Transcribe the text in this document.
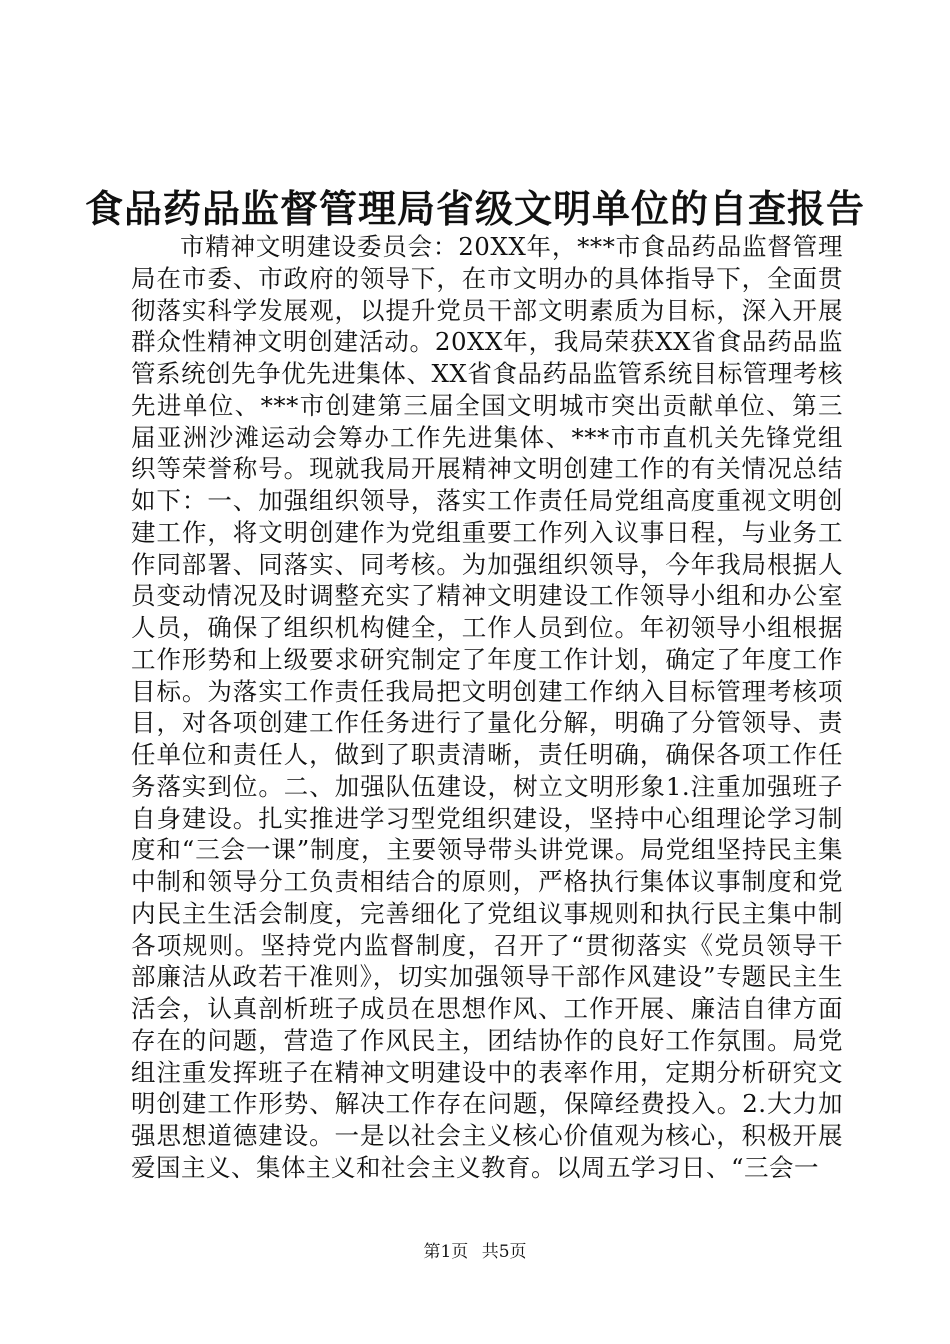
食品药品监督管理局省级文明单位的自查报告

市精神文明建设委员会：20XX年，***市食品药品监督管理局在市委、市政府的领导下，在市文明办的具体指导下，全面贯彻落实科学发展观，以提升党员干部文明素质为目标，深入开展群众性精神文明创建活动。20XX年，我局荣获XX省食品药品监管系统创先争优先进集体、XX省食品药品监管系统目标管理考核先进单位、***市创建第三届全国文明城市突出贡献单位、第三届亚洲沙滩运动会筹办工作先进集体、***市市直机关先锋党组织等荣誉称号。现就我局开展精神文明创建工作的有关情况总结如下：一、加强组织领导，落实工作责任局党组高度重视文明创建工作，将文明创建作为党组重要工作列入议事日程，与业务工作同部署、同落实、同考核。为加强组织领导，今年我局根据人员变动情况及时调整充实了精神文明建设工作领导小组和办公室人员，确保了组织机构健全，工作人员到位。年初领导小组根据工作形势和上级要求研究制定了年度工作计划，确定了年度工作目标。为落实工作责任我局把文明创建工作纳入目标管理考核项目，对各项创建工作任务进行了量化分解，明确了分管领导、责任单位和责任人，做到了职责清晰，责任明确，确保各项工作任务落实到位。二、加强队伍建设，树立文明形象1.注重加强班子自身建设。扎实推进学习型党组织建设，坚持中心组理论学习制度和“三会一课”制度，主要领导带头讲党课。局党组坚持民主集中制和领导分工负责相结合的原则，严格执行集体议事制度和党内民主生活会制度，完善细化了党组议事规则和执行民主集中制各项规则。坚持党内监督制度，召开了“贯彻落实《党员领导干部廉洁从政若干准则》，切实加强领导干部作风建设”专题民主生活会，认真剖析班子成员在思想作风、工作开展、廉洁自律方面存在的问题，营造了作风民主，团结协作的良好工作氛围。局党组注重发挥班子在精神文明建设中的表率作用，定期分析研究文明创建工作形势、解决工作存在问题，保障经费投入。2.大力加强思想道德建设。一是以社会主义核心价值观为核心，积极开展爱国主义、集体主义和社会主义教育。以周五学习日、“三会一

第1页 共5页
